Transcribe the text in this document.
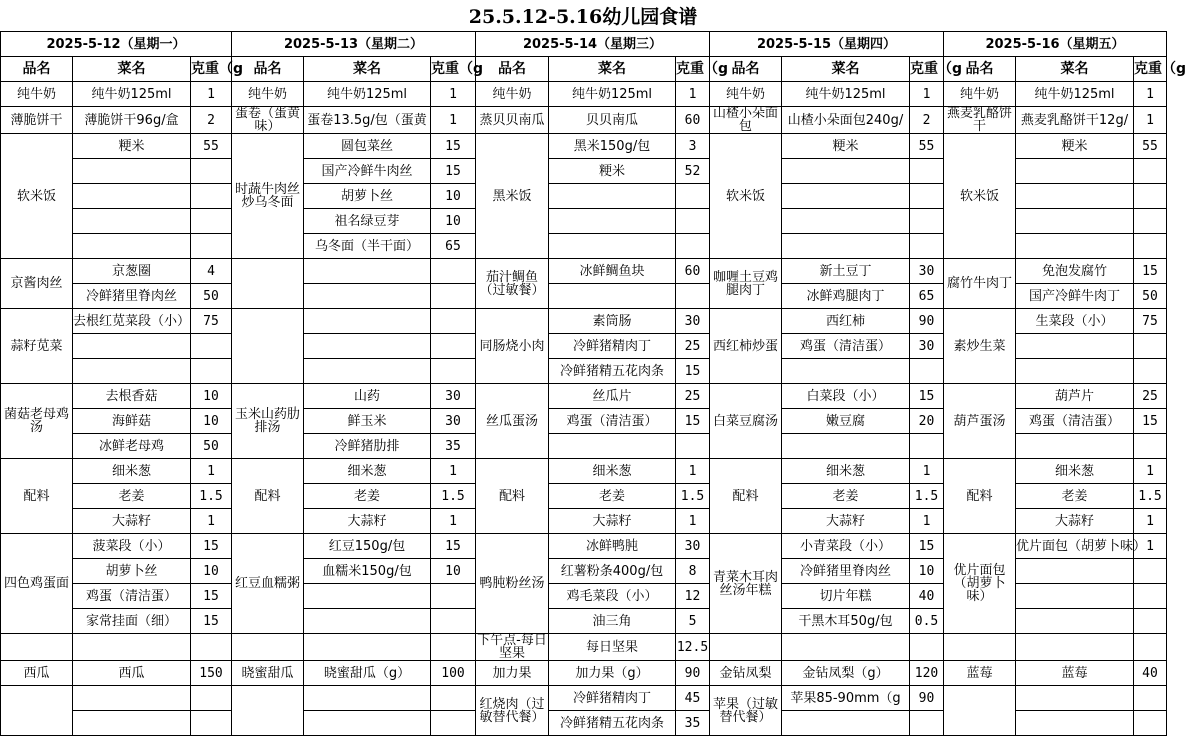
25.5.12-5.16幼儿园食谱
2025-5-12（星期一）			2025-5-13（星期二）			2025-5-14（星期三）			2025-5-15（星期四）			2025-5-16（星期五）		
品名	菜名	克重（g	品名	菜名	克重（g	品名	菜名	克重（g	品名	菜名	克重（g	品名	菜名	克重（g
纯牛奶	纯牛奶125ml	1	纯牛奶	纯牛奶125ml	1	纯牛奶	纯牛奶125ml	1	纯牛奶	纯牛奶125ml	1	纯牛奶	纯牛奶125ml	1
薄脆饼干	薄脆饼干96g/盒	2	蛋卷（蛋黄味）	蛋卷13.5g/包（蛋黄	1	蒸贝贝南瓜	贝贝南瓜	60	山楂小朵面包	山楂小朵面包240g/	2	燕麦乳酪饼干	燕麦乳酪饼干12g/	1
软米饭	粳米	55	时蔬牛肉丝炒乌冬面	圆包菜丝	15	黑米饭	黑米150g/包	3	软米饭	粳米	55	软米饭	粳米	55
				国产冷鲜牛肉丝	15		粳米	52						
				胡萝卜丝	10									
				祖名绿豆芽	10									
				乌冬面（半干面）	65									
京酱肉丝	京葱圈	4				茄汁鲷鱼（过敏餐）	冰鲜鲷鱼块	60	咖喱土豆鸡腿肉丁	新土豆丁	30	腐竹牛肉丁	免泡发腐竹	15
	冷鲜猪里脊肉丝	50								冰鲜鸡腿肉丁	65		国产冷鲜牛肉丁	50
蒜籽苋菜	去根红苋菜段（小）	75				同肠烧小肉	素筒肠	30	西红柿炒蛋	西红柿	90	素炒生菜	生菜段（小）	75
							冷鲜猪精肉丁	25		鸡蛋（清洁蛋）	30			
							冷鲜猪精五花肉条	15						
菌菇老母鸡汤	去根香菇	10	玉米山药肋排汤	山药	30	丝瓜蛋汤	丝瓜片	25	白菜豆腐汤	白菜段（小）	15	葫芦蛋汤	葫芦片	25
	海鲜菇	10		鲜玉米	30		鸡蛋（清洁蛋）	15		嫩豆腐	20		鸡蛋（清洁蛋）	15
	冰鲜老母鸡	50		冷鲜猪肋排	35									
配料	细米葱	1	配料	细米葱	1	配料	细米葱	1	配料	细米葱	1	配料	细米葱	1
	老姜	1.5		老姜	1.5		老姜	1.5		老姜	1.5		老姜	1.5
	大蒜籽	1		大蒜籽	1		大蒜籽	1		大蒜籽	1		大蒜籽	1
四色鸡蛋面	菠菜段（小）	15	红豆血糯粥	红豆150g/包	15	鸭肫粉丝汤	冰鲜鸭肫	30	青菜木耳肉丝汤年糕	小青菜段（小）	15	优片面包（胡萝卜味）	优片面包（胡萝卜味）	1
	胡萝卜丝	10		血糯米150g/包	10		红薯粉条400g/包	8		冷鲜猪里脊肉丝	10			
	鸡蛋（清洁蛋）	15					鸡毛菜段（小）	12		切片年糕	40			
	家常挂面（细）	15					油三角	5		干黑木耳50g/包	0.5			
						下午点-每日坚果	每日坚果	12.5						
西瓜	西瓜	150	晓蜜甜瓜	晓蜜甜瓜（g）	100	加力果	加力果（g）	90	金钻凤梨	金钻凤梨（g）	120	蓝莓	蓝莓	40
						红烧肉（过敏替代餐）	冷鲜猪精肉丁	45	苹果（过敏替代餐）	苹果85-90mm（g	90			
							冷鲜猪精五花肉条	35						
